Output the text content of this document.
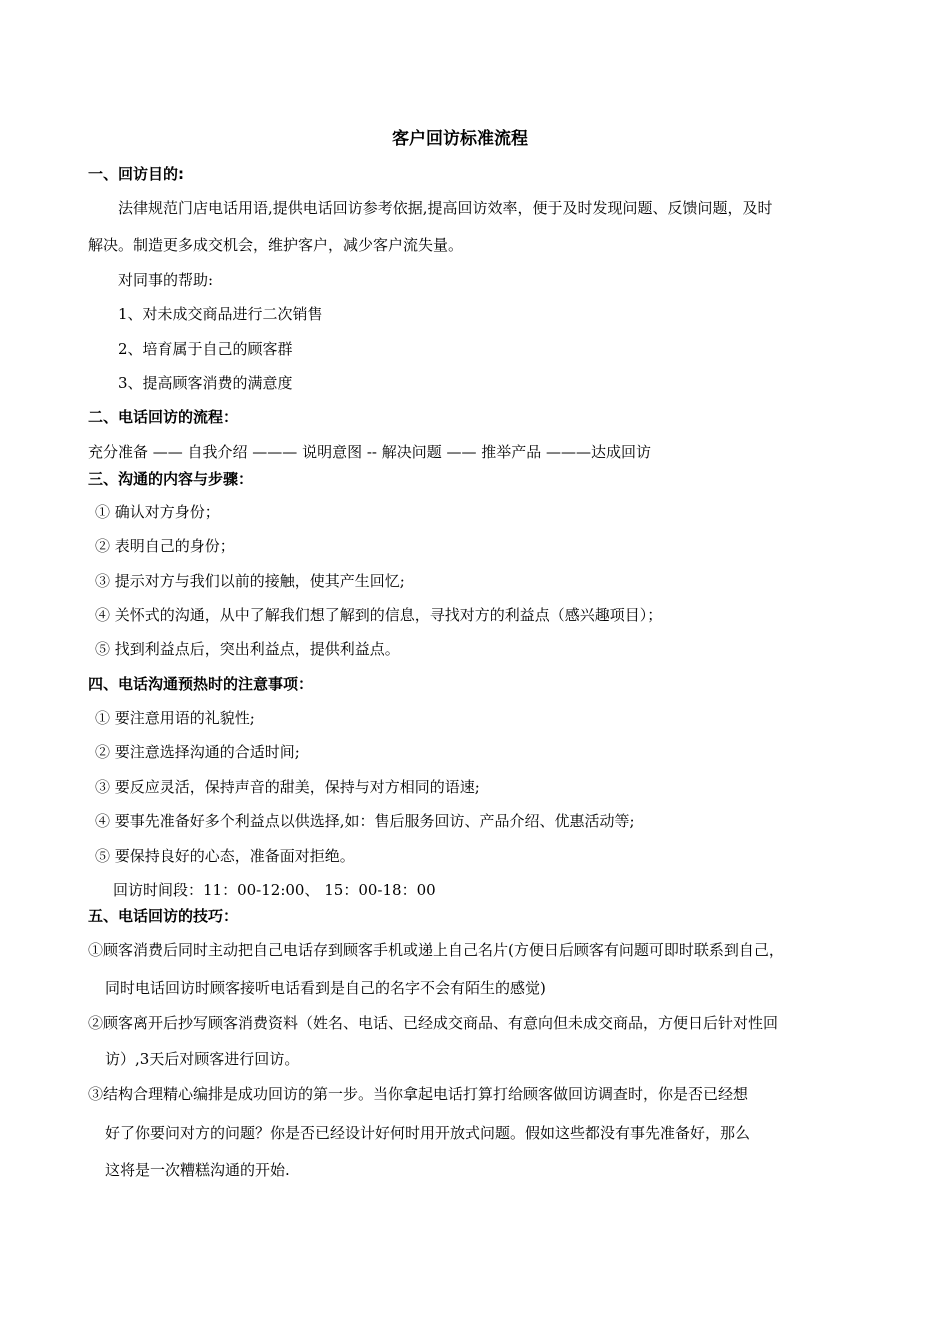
客户回访标准流程
一、回访目的:
法律规范门店电话用语,提供电话回访参考依据,提高回访效率，便于及时发现问题、反馈问题，及时
解决。制造更多成交机会，维护客户，减少客户流失量。
对同事的帮助:
1、对未成交商品进行二次销售
2、培育属于自己的顾客群
3、提高顾客消费的满意度
二、电话回访的流程：
充分准备 —— 自我介绍 ——— 说明意图 -- 解决问题 —— 推举产品 ———达成回访
三、沟通的内容与步骤：
① 确认对方身份；
② 表明自己的身份；
③ 提示对方与我们以前的接触，使其产生回忆;
④ 关怀式的沟通，从中了解我们想了解到的信息，寻找对方的利益点（感兴趣项目）；
⑤ 找到利益点后，突出利益点，提供利益点。
四、电话沟通预热时的注意事项：
① 要注意用语的礼貌性;
② 要注意选择沟通的合适时间;
③ 要反应灵活，保持声音的甜美，保持与对方相同的语速;
④ 要事先准备好多个利益点以供选择,如：售后服务回访、产品介绍、优惠活动等;
⑤ 要保持良好的心态，准备面对拒绝。
回访时间段：11：00-12:00、 15：00-18：00
五、电话回访的技巧：
①顾客消费后同时主动把自己电话存到顾客手机或递上自己名片(方便日后顾客有问题可即时联系到自己，
同时电话回访时顾客接听电话看到是自己的名字不会有陌生的感觉)
②顾客离开后抄写顾客消费资料（姓名、电话、已经成交商品、有意向但未成交商品，方便日后针对性回
访）,3天后对顾客进行回访。
③结构合理精心编排是成功回访的第一步。当你拿起电话打算打给顾客做回访调查时，你是否已经想
好了你要问对方的问题？你是否已经设计好何时用开放式问题。假如这些都没有事先准备好，那么
这将是一次糟糕沟通的开始.
